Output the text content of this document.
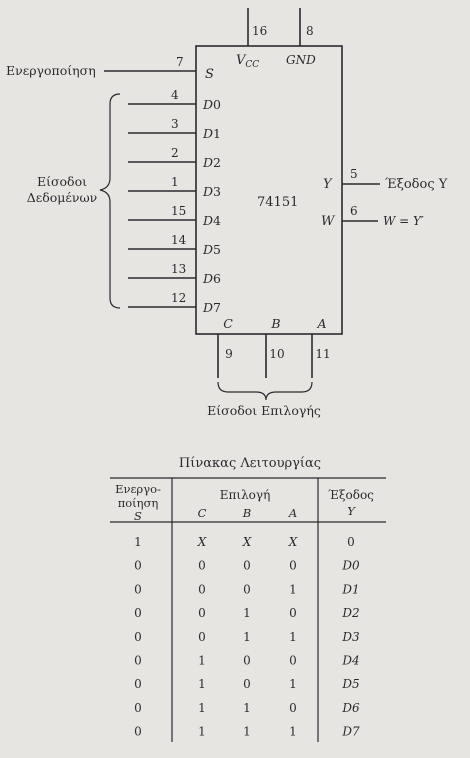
16	8
$V_{CC}$ GND
Ενεργοποίηση
7
S
4
D0
3
D1
2
D2
1
D3
15
D4
14
D5
13
D6
12
D7
Είσοδοι
Δεδομένων	74151
Y
5
Έξοδος Y
W
6
W = Y′
C
9
B
10
A
11
Είσοδοι Επιλογής
Πίνακας Λειτουργίας
Ενεργο-
ποίηση
S
Επιλογή
C	B	A
Έξοδος
Y
1	X	X	X	0
0	0	0	0	D0
0	0	0	1	D1
0	0	1	0	D2
0	0	1	1	D3
0	1	0	0	D4
0	1	0	1	D5
0	1	1	0	D6
0	1	1	1	D7
